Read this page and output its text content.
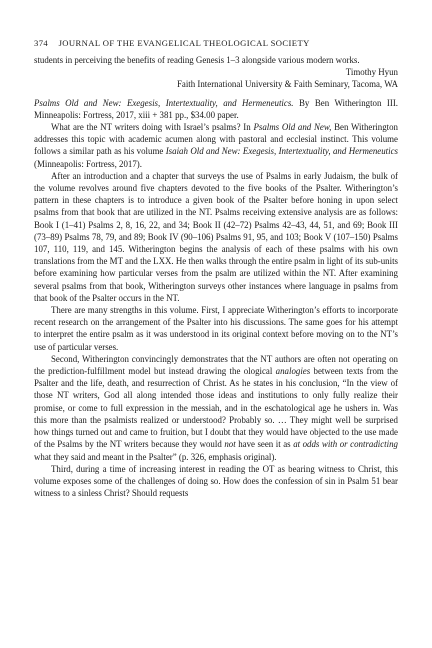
374 JOURNAL OF THE EVANGELICAL THEOLOGICAL SOCIETY

students in perceiving the benefits of reading Genesis 1–3 alongside various modern works.

Timothy Hyun

Faith International University & Faith Seminary, Tacoma, WA

Psalms Old and New: Exegesis, Intertextuality, and Hermeneutics. By Ben Witherington III. Minneapolis: Fortress, 2017, xiii + 381 pp., $34.00 paper.

What are the NT writers doing with Israel’s psalms? In Psalms Old and New, Ben Witherington addresses this topic with academic acumen along with pastoral and ecclesial instinct. This volume follows a similar path as his volume Isaiah Old and New: Exegesis, Intertextuality, and Hermeneutics (Minneapolis: Fortress, 2017).

After an introduction and a chapter that surveys the use of Psalms in early Judaism, the bulk of the volume revolves around five chapters devoted to the five books of the Psalter. Witherington’s pattern in these chapters is to introduce a given book of the Psalter before honing in upon select psalms from that book that are utilized in the NT. Psalms receiving extensive analysis are as follows: Book I (1–41) Psalms 2, 8, 16, 22, and 34; Book II (42–72) Psalms 42–43, 44, 51, and 69; Book III (73–89) Psalms 78, 79, and 89; Book IV (90–106) Psalms 91, 95, and 103; Book V (107–150) Psalms 107, 110, 119, and 145. Witherington begins the analysis of each of these psalms with his own translations from the MT and the LXX. He then walks through the entire psalm in light of its sub-units before examining how particular verses from the psalm are utilized within the NT. After examining several psalms from that book, Witherington surveys other instances where language in psalms from that book of the Psalter occurs in the NT.

There are many strengths in this volume. First, I appreciate Witherington’s efforts to incorporate recent research on the arrangement of the Psalter into his discussions. The same goes for his attempt to interpret the entire psalm as it was understood in its original context before moving on to the NT’s use of particular verses.

Second, Witherington convincingly demonstrates that the NT authors are often not operating on the prediction-fulfillment model but instead drawing the ological analogies between texts from the Psalter and the life, death, and resurrection of Christ. As he states in his conclusion, “In the view of those NT writers, God all along intended those ideas and institutions to only fully realize their promise, or come to full expression in the messiah, and in the eschatological age he ushers in. Was this more than the psalmists realized or understood? Probably so. … They might well be surprised how things turned out and came to fruition, but I doubt that they would have objected to the use made of the Psalms by the NT writers because they would not have seen it as at odds with or contradicting what they said and meant in the Psalter” (p. 326, emphasis original).

Third, during a time of increasing interest in reading the OT as bearing witness to Christ, this volume exposes some of the challenges of doing so. How does the confession of sin in Psalm 51 bear witness to a sinless Christ? Should requests
